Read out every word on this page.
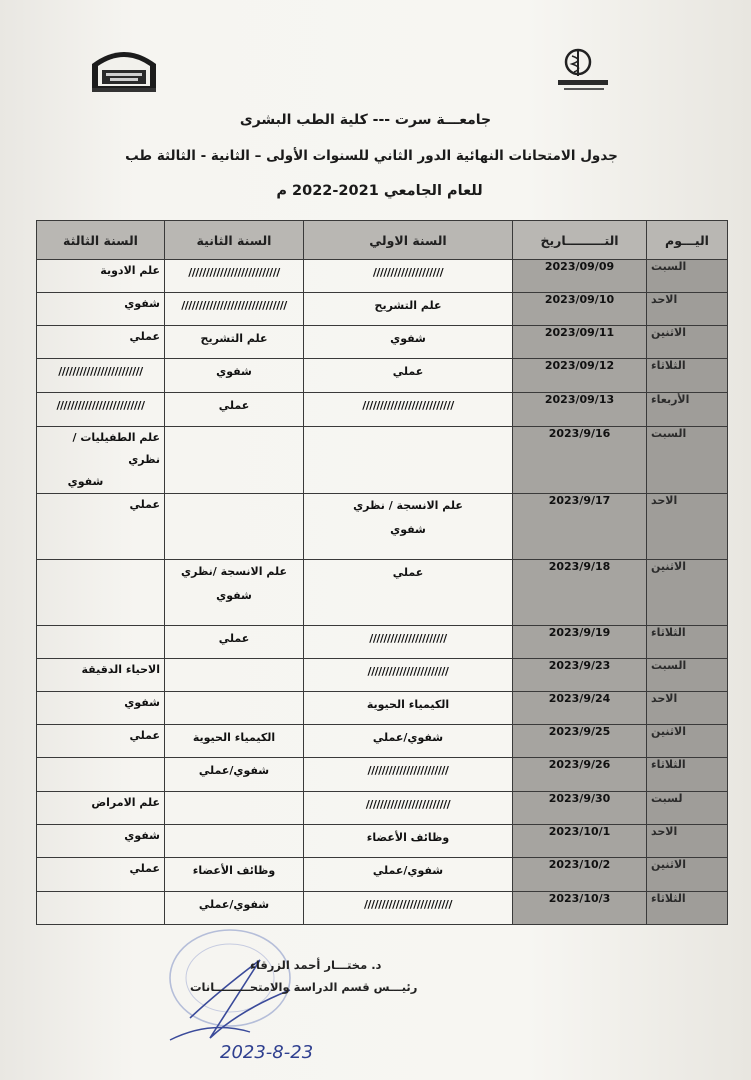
جامعـــة سرت --- كلية الطب البشرى
جدول الامتحانات النهائية الدور الثاني للسنوات الأولى – الثانية - الثالثة طب
للعام الجامعي 2021-2022 م
اليـــوم	التـــــــــاريخ	السنة الاولي	السنة الثانية	السنة الثالثة
السبت	2023/09/09	////////////////////	//////////////////////////	علم الادوية
الاحد	2023/09/10	علم التشريح	//////////////////////////////	شفوي
الاثنين	2023/09/11	شفوي	علم التشريح	عملي
الثلاثاء	2023/09/12	عملي	شفوي	////////////////////////
الأربعاء	2023/09/13	//////////////////////////	عملي	/////////////////////////
السبت	2023/9/16			علم الطفيليات / نظري
شفوي

الاحد	2023/9/17	علم الانسجة / نظري
شفوي		عملي
الاثنين	2023/9/18	عملي	علم الانسجة /نظري
شفوي	

الثلاثاء	2023/9/19	//////////////////////	عملي	
السبت	2023/9/23	///////////////////////		الاحياء الدقيقة
الاحد	2023/9/24	الكيمياء الحيوية		شفوي
الاثنين	2023/9/25	شفوي/عملي	الكيمياء الحيوية	عملي
الثلاثاء	2023/9/26	///////////////////////	شفوي/عملي	
لسبت	2023/9/30	////////////////////////		علم الامراض
الاحد	2023/10/1	وظائف الأعضاء		شفوي
الاثنين	2023/10/2	شفوي/عملي	وظائف الأعضاء	عملي
الثلاثاء	2023/10/3	/////////////////////////	شفوي/عملي	
2023-8-23
د. مختـــار أحمد الزرقاء
رئيـــس قسم الدراسة والامتحـــــــــانات
